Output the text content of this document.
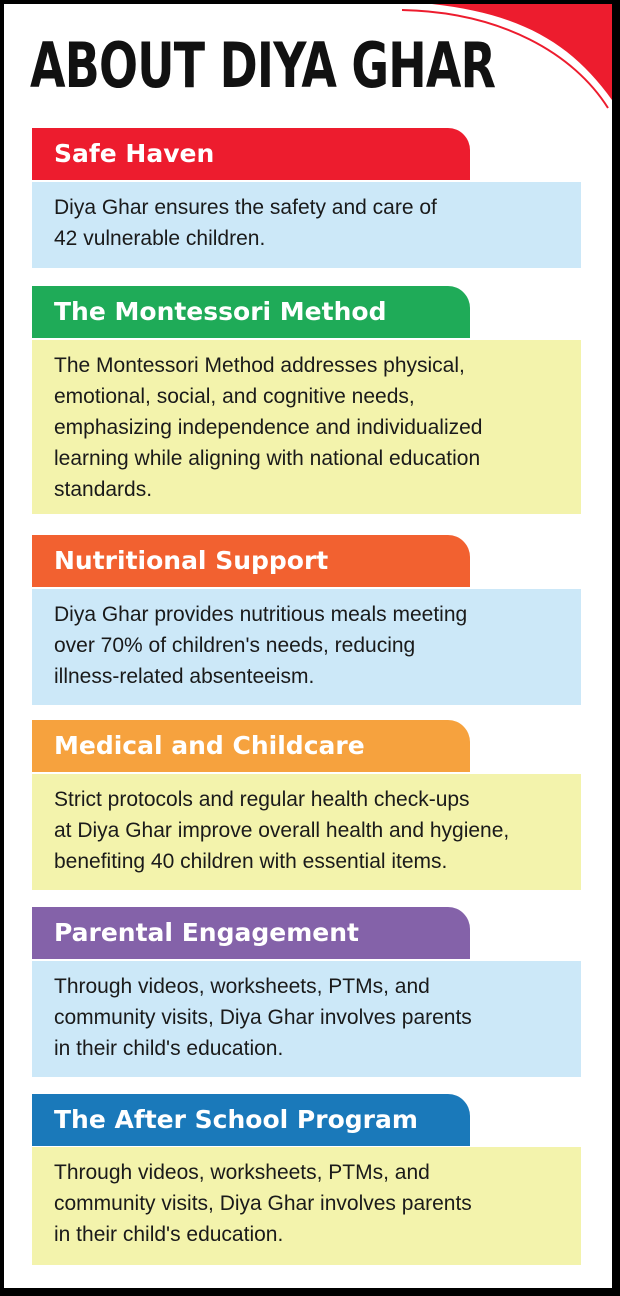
ABOUT DIYA GHAR
Safe Haven
Diya Ghar ensures the safety and care of
42 vulnerable children.
The Montessori Method
The Montessori Method addresses physical,
emotional, social, and cognitive needs,
emphasizing independence and individualized
learning while aligning with national education
standards.
Nutritional Support
Diya Ghar provides nutritious meals meeting
over 70% of children's needs, reducing
illness-related absenteeism.
Medical and Childcare
Strict protocols and regular health check-ups
at Diya Ghar improve overall health and hygiene,
benefiting 40 children with essential items.
Parental Engagement
Through videos, worksheets, PTMs, and
community visits, Diya Ghar involves parents
in their child's education.
The After School Program
Through videos, worksheets, PTMs, and
community visits, Diya Ghar involves parents
in their child's education.
